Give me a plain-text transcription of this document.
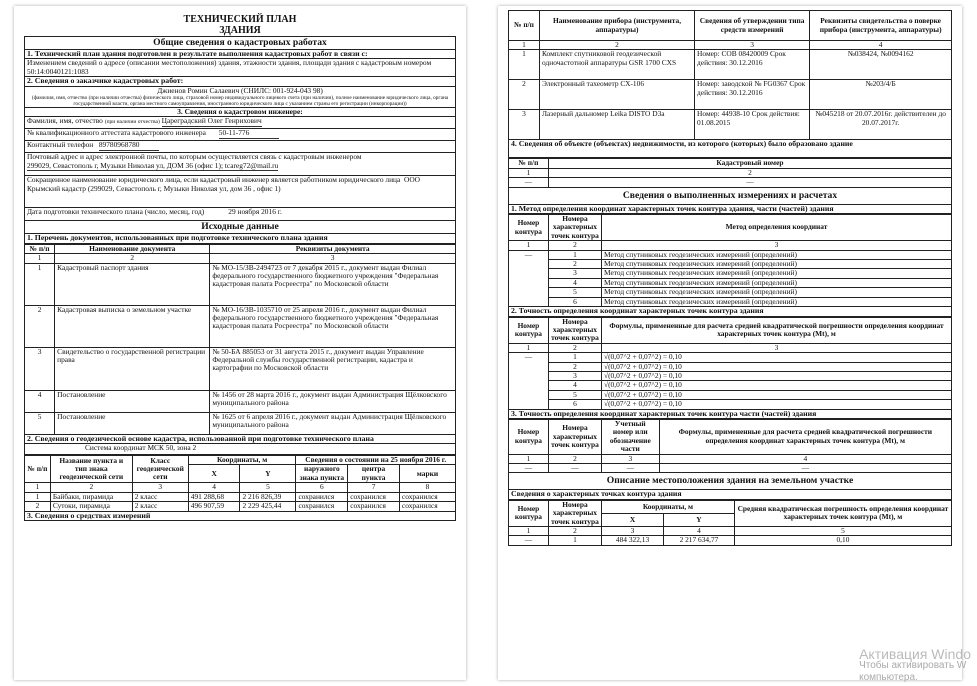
ТЕХНИЧЕСКИЙ ПЛАН
ЗДАНИЯ

Общие сведения о кадастровых работах
1. Технический план здания подготовлен в результате выполнения кадастровых работ в связи с:
Изменением сведений о адресе (описании местоположения) здания, этажности здания, площади здания с кадастровым номером 50:14:0040121:1083
2. Сведения о заказчике кадастровых работ:

Джиенов Ромин Салаевич (СНИЛС: 001-924-043 98)
(фамилия, имя, отчество (при наличии отчества) физического лица, страховой номер индивидуального лицевого счета (при наличии), полное наименование юридического лица, органа государственной власти, органа местного самоуправления, иностранного юридического лица с указанием страны его регистрации (инкорпорации))

3. Сведения о кадастровом инженере:
Фамилия, имя, отчество (при наличии отчества) Цареградский Олег Генрихович
№ квалификационного аттестата кадастрового инженера 50-11-776
Контактный телефон 89780968780
Почтовый адрес и адрес электронной почты, по которым осуществляется связь с кадастровым инженером  299029, Севастополь г, Музыки Николая ул, ДОМ 36 (офис 1); tcareg72@mail.ru
Сокращенное наименование юридического лица, если кадастровый инженер является работником юридического лица ООО Крымский кадастр (299029, Севастополь г, Музыки Николая ул, дом 36 , офис 1)
Дата подготовки технического плана (число, месяц, год)	29 ноября 2016 г.
Исходные данные
1. Перечень документов, использованных при подготовке технического плана здания
№ п/п	Наименование документа	Реквизиты документа
1	2	3
1	Кадастровый паспорт здания	№ МО-15/ЗВ-2494723 от 7 декабря 2015 г., документ выдан Филиал федерального государственного бюджетного учреждения "Федеральная кадастровая палата Росреестра" по Московской области
2	Кадастровая выписка о земельном участке	№ МО-16/ЗВ-1035710 от 25 апреля 2016 г., документ выдан Филиал федерального государственного бюджетного учреждения "Федеральная кадастровая палата Росреестра" по Московской области
3	Свидетельство о государственной регистрации права	№ 50-БА 885053 от 31 августа 2015 г., документ выдан Управление Федеральной службы государственной регистрации, кадастра и картографии по Московской области
4	Постановление	№ 1456 от 28 марта 2016 г., документ выдан Администрация Щёлковского муниципального района
5	Постановление	№ 1625 от 6 апреля 2016 г., документ выдан Администрация Щёлковского муниципального района
2. Сведения о геодезической основе кадастра, использованной при подготовке технического плана		
Система координат МСК 50, зона 2		
№ п/п	Название пункта и тип знака геодезической сети	Класс геодезической сети	Координаты, м		Сведения о состоянии на 25 ноября 2016 г.		
			X	Y	наружного знака пункта	центра пункта	марки
1	2	3	4	5	6	7	8
1	Байбаки, пирамида	2 класс	491 288,68	2 216 826,39	сохранился	сохранился	сохранился
2	Сутоки, пирамида	2 класс	496 907,59	2 229 425,44	сохранился	сохранился	сохранился
3. Сведения о средствах измерений							
№ п/п	Наименование прибора (инструмента, аппаратуры)	Сведения об утверждении типа средств измерений	Реквизиты свидетельства о поверке прибора (инструмента, аппаратуры)
1	2	3	4
1	Комплект спутниковой геодезической одночастотной аппаратуры GSR 1700 CXS	Номер: СОВ 08420009 Срок действия: 30.12.2016	№038424, №0094162
2	Электронный тахеометр СХ-106	Номер: заводской № FG0367 Срок действия: 30.12.2016	№203/4/Б
3	Лазерный дальномер Leika DISTO D3a	Номер: 44938-10 Срок действия: 01.08.2015	№045218 от 20.07.2016г. действителен до 20.07.2017г.
4. Сведения об объекте (объектах) недвижимости, из которого (которых) было образовано здание			
№ п/п	Кадастровый номер
1	2
—	—
Сведения о выполненных измерениях и расчетах	
1. Метод определения координат характерных точек контура здания, части (частей) здания	
Номер контура	Номера характерных точек контура	Метод определения координат
1	2	3
—	1	Метод спутниковых геодезических измерений (определений)
	2	Метод спутниковых геодезических измерений (определений)
	3	Метод спутниковых геодезических измерений (определений)
	4	Метод спутниковых геодезических измерений (определений)
	5	Метод спутниковых геодезических измерений (определений)
	6	Метод спутниковых геодезических измерений (определений)
2. Точность определения координат характерных точек контура здания		
Номер контура	Номера характерных точек контура	Формулы, примененные для расчета средней квадратической погрешности определения координат характерных точек контура (Mt), м
1	2	3
—	1	√(0,07^2 + 0,07^2) = 0,10
	2	√(0,07^2 + 0,07^2) = 0,10
	3	√(0,07^2 + 0,07^2) = 0,10
	4	√(0,07^2 + 0,07^2) = 0,10
	5	√(0,07^2 + 0,07^2) = 0,10
	6	√(0,07^2 + 0,07^2) = 0,10
3. Точность определения координат характерных точек контура части (частей) здания		
Номер контура	Номера характерных точек контура	Учетный номер или обозначение части	Формулы, примененные для расчета средней квадратической погрешности определения координат характерных точек контура (Mt), м
1	2	3	4
—	—	—	—
Описание местоположения здания на земельном участке			
Сведения о характерных точках контура здания			
Номер контура	Номера характерных точек контура	Координаты, м		Средняя квадратическая погрешность определения координат характерных точек контура (Mt), м
		X	Y	
1	2	3	4	5
—	1	484 322,13	2 217 634,77	0,10
Активация Windo
Чтобы активировать W
компьютера.
